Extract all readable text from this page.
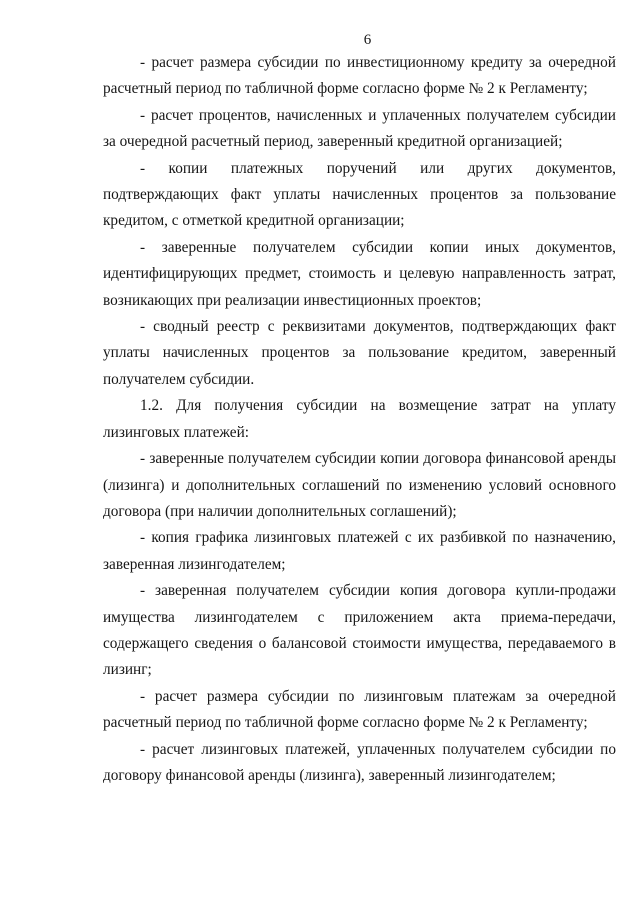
6

- расчет размера субсидии по инвестиционному кредиту за очередной расчетный период по табличной форме согласно форме № 2 к Регламенту;

- расчет процентов, начисленных и уплаченных получателем субсидии за очередной расчетный период, заверенный кредитной организацией;

- копии платежных поручений или других документов, подтверждающих факт уплаты начисленных процентов за пользование кредитом, с отметкой кредитной организации;

- заверенные получателем субсидии копии иных документов, идентифицирующих предмет, стоимость и целевую направленность затрат, возникающих при реализации инвестиционных проектов;

- сводный реестр с реквизитами документов, подтверждающих факт уплаты начисленных процентов за пользование кредитом, заверенный получателем субсидии.

1.2. Для получения субсидии на возмещение затрат на уплату лизинговых платежей:

- заверенные получателем субсидии копии договора финансовой аренды (лизинга) и дополнительных соглашений по изменению условий основного договора (при наличии дополнительных соглашений);

- копия графика лизинговых платежей с их разбивкой по назначению, заверенная лизингодателем;

- заверенная получателем субсидии копия договора купли-продажи имущества лизингодателем с приложением акта приема-передачи, содержащего сведения о балансовой стоимости имущества, передаваемого в лизинг;

- расчет размера субсидии по лизинговым платежам за очередной расчетный период по табличной форме согласно форме № 2 к Регламенту;

- расчет лизинговых платежей, уплаченных получателем субсидии по договору финансовой аренды (лизинга), заверенный лизингодателем;
